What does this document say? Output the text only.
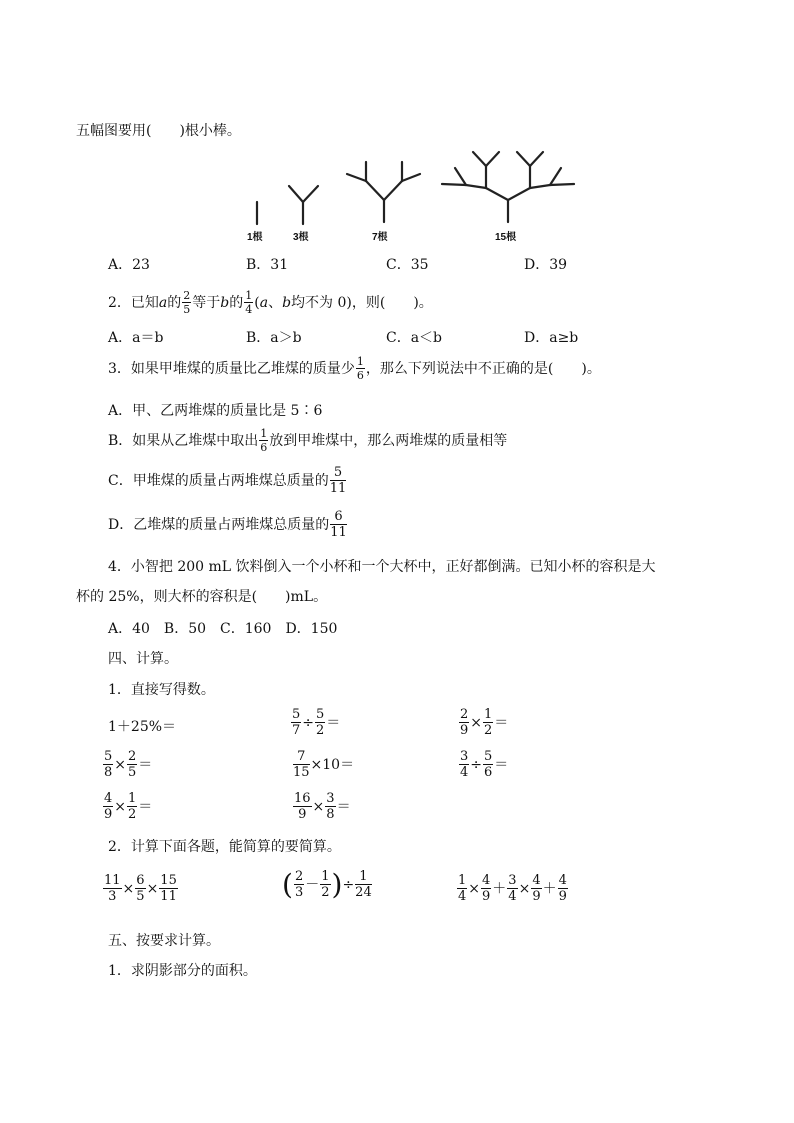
五幅图要用(　　)根小棒。
1根	3根	7根	15根
A．23	B．31	C．35	D．39
2．已知a的 $\frac{2}{5}$ 等于b的 $\frac{1}{4} (a$、b均不为 0)，则(　　)。
A．a＝b	B．a＞b	C．a＜b	D．a≥b
3．如果甲堆煤的质量比乙堆煤的质量少 $\frac{1}{6}$ ，那么下列说法中不正确的是(　　)。
A．甲、乙两堆煤的质量比是 5∶6
B．如果从乙堆煤中取出 $\frac{1}{6}$ 放到甲堆煤中，那么两堆煤的质量相等
C．甲堆煤的质量占两堆煤总质量的 $\frac{5}{11}$
D．乙堆煤的质量占两堆煤总质量的 $\frac{6}{11}$
4．小智把 200 mL 饮料倒入一个小杯和一个大杯中，正好都倒满。已知小杯的容积是大
杯的 25%，则大杯的容积是(　　)mL。
A．40　B．50　C．160　D．150
四、计算。
1．直接写得数。
1＋25%＝	$\frac{5}{7} \div \frac{5}{2}$ ＝	$\frac{2}{9} \times \frac{1}{2}$ ＝
$\frac{5}{8} \times \frac{2}{5}$ ＝	$\frac{7}{15} \times 10=$	$\frac{3}{4} \div \frac{5}{6}$ ＝
$\frac{4}{9} \times \frac{1}{2}$ ＝	$\frac{16}{9} \times \frac{3}{8}$ ＝
2．计算下面各题，能简算的要简算。
$\frac{11}{3} \times \frac{6}{5} \times \frac{15}{11}$	( $\frac{2}{3} - \frac{1}{2}$ )÷ $\frac{1}{24}$	$\frac{1}{4} \times \frac{4}{9} + \frac{3}{4} \times \frac{4}{9} + \frac{4}{9}$
五、按要求计算。
1．求阴影部分的面积。
